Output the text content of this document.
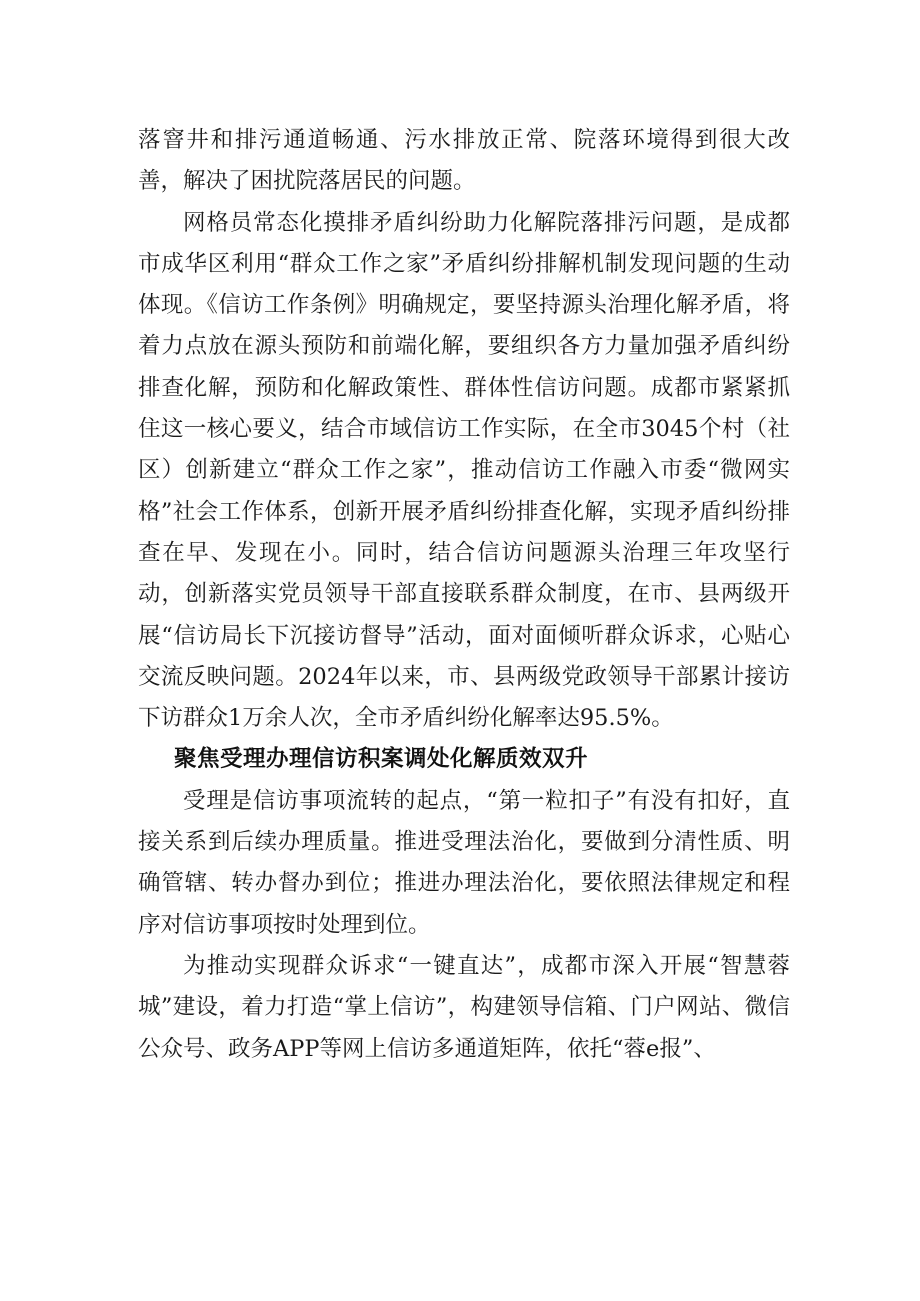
落窨井和排污通道畅通、污水排放正常、院落环境得到很大改善，解决了困扰院落居民的问题。

网格员常态化摸排矛盾纠纷助力化解院落排污问题，是成都市成华区利用“群众工作之家”矛盾纠纷排解机制发现问题的生动体现。《信访工作条例》明确规定，要坚持源头治理化解矛盾，将着力点放在源头预防和前端化解，要组织各方力量加强矛盾纠纷排查化解，预防和化解政策性、群体性信访问题。成都市紧紧抓住这一核心要义，结合市域信访工作实际，在全市3045个村（社区）创新建立“群众工作之家”，推动信访工作融入市委“微网实格”社会工作体系，创新开展矛盾纠纷排查化解，实现矛盾纠纷排查在早、发现在小。同时，结合信访问题源头治理三年攻坚行动，创新落实党员领导干部直接联系群众制度，在市、县两级开展“信访局长下沉接访督导”活动，面对面倾听群众诉求，心贴心交流反映问题。2024年以来，市、县两级党政领导干部累计接访下访群众1万余人次，全市矛盾纠纷化解率达95.5%。

聚焦受理办理信访积案调处化解质效双升

受理是信访事项流转的起点，“第一粒扣子”有没有扣好，直接关系到后续办理质量。推进受理法治化，要做到分清性质、明确管辖、转办督办到位；推进办理法治化，要依照法律规定和程序对信访事项按时处理到位。

为推动实现群众诉求“一键直达”，成都市深入开展“智慧蓉城”建设，着力打造“掌上信访”，构建领导信箱、门户网站、微信公众号、政务APP等网上信访多通道矩阵，依托“蓉e报”、
